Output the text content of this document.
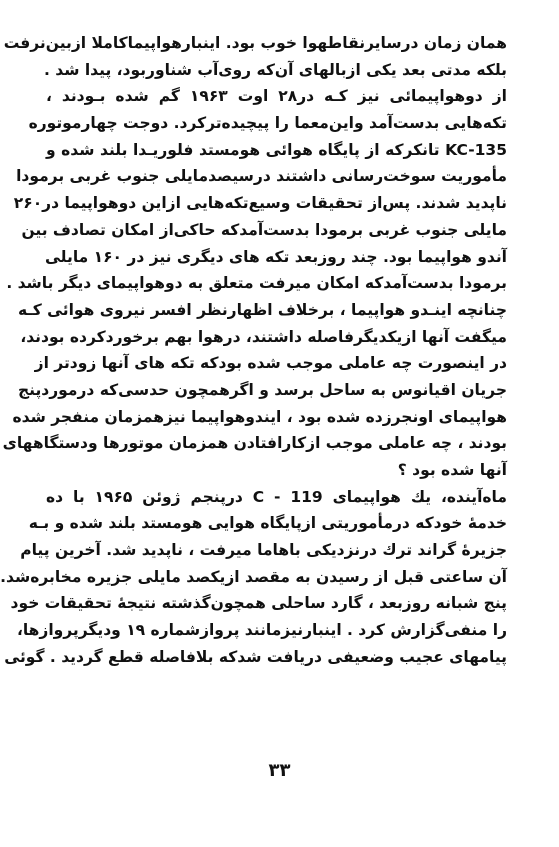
همان زمان درسایرنقاطهوا خوب بود. اینبارهواپیماکاملا ازبین‌نرفت
بلکه مدتی بعد یکی ازبالهای آن‌که روی‌آب شناوربود، پیدا شد .
از دوهواپیمائی نیز کـه در۲۸ اوت ۱۹۶۳ گم شده بـودند ،
تکه‌هایی بدست‌آمد واین‌معما را پیچیده‌ترکرد. دوجت چهارموتوره
KC-135 تانکرکه از پایگاه هوائی هومستد فلوریـدا بلند شده و
مأموریت سوخت‌رسانی داشتند درسیصدمایلی جنوب غربی برمودا
ناپدید شدند. پس‌از تحقیقات وسیع‌تکه‌هایی ازاین دوهواپیما در۲۶۰
مایلی جنوب غربی برمودا بدست‌آمدکه حاکی‌از امکان تصادف بین
آندو هواپیما بود. چند روزبعد تکه های دیگری نیز در ۱۶۰ مایلی
برمودا بدست‌آمدکه امکان میرفت متعلق به دوهواپیمای دیگر باشد .
چنانچه اینـدو هواپیما ، برخلاف اظهارنظر افسر نیروی هوائی کـه
میگفت آنها ازیکدیگرفاصله داشتند، درهوا بهم برخوردکرده بودند،
در اینصورت چه عاملی موجب شده بودکه تکه های آنها زودتر از
جریان اقیانوس به ساحل برسد و اگرهمچون حدسی‌که درمورد‌پنج
هواپیمای اونجرزده شده بود ، ایندوهواپیما نیزهمزمان منفجر شده
بودند ، چه عاملی موجب ازکارافتادن همزمان موتورها ودستگاههای
آنها شده بود ؟
ماه‌آینده، یك هواپیمای C - 119 درپنجم ژوئن ۱۹۶۵ با ده
خدمهٔ خودکه درمأموریتی ازپایگاه هوایی هومستد بلند شده و بـه
جزیرهٔ گراند ترك درنزدیکی باهاما میرفت ، ناپدید شد. آخرین پیام
آن ساعتی قبل از رسیدن به مقصد ازیکصد مایلی جزیره مخابره‌شد.
پنج شبانه روزبعد ، گارد ساحلی همچون‌گذشته نتیجهٔ تحقیقات خود
را منفی‌گزارش کرد . اینبارنیزمانند پروازشماره ۱۹ ودیگرپروازها،
پیامهای عجیب وضعیفی دریافت شدکه بلافاصله قطع گردید . گوئی
۳۳
